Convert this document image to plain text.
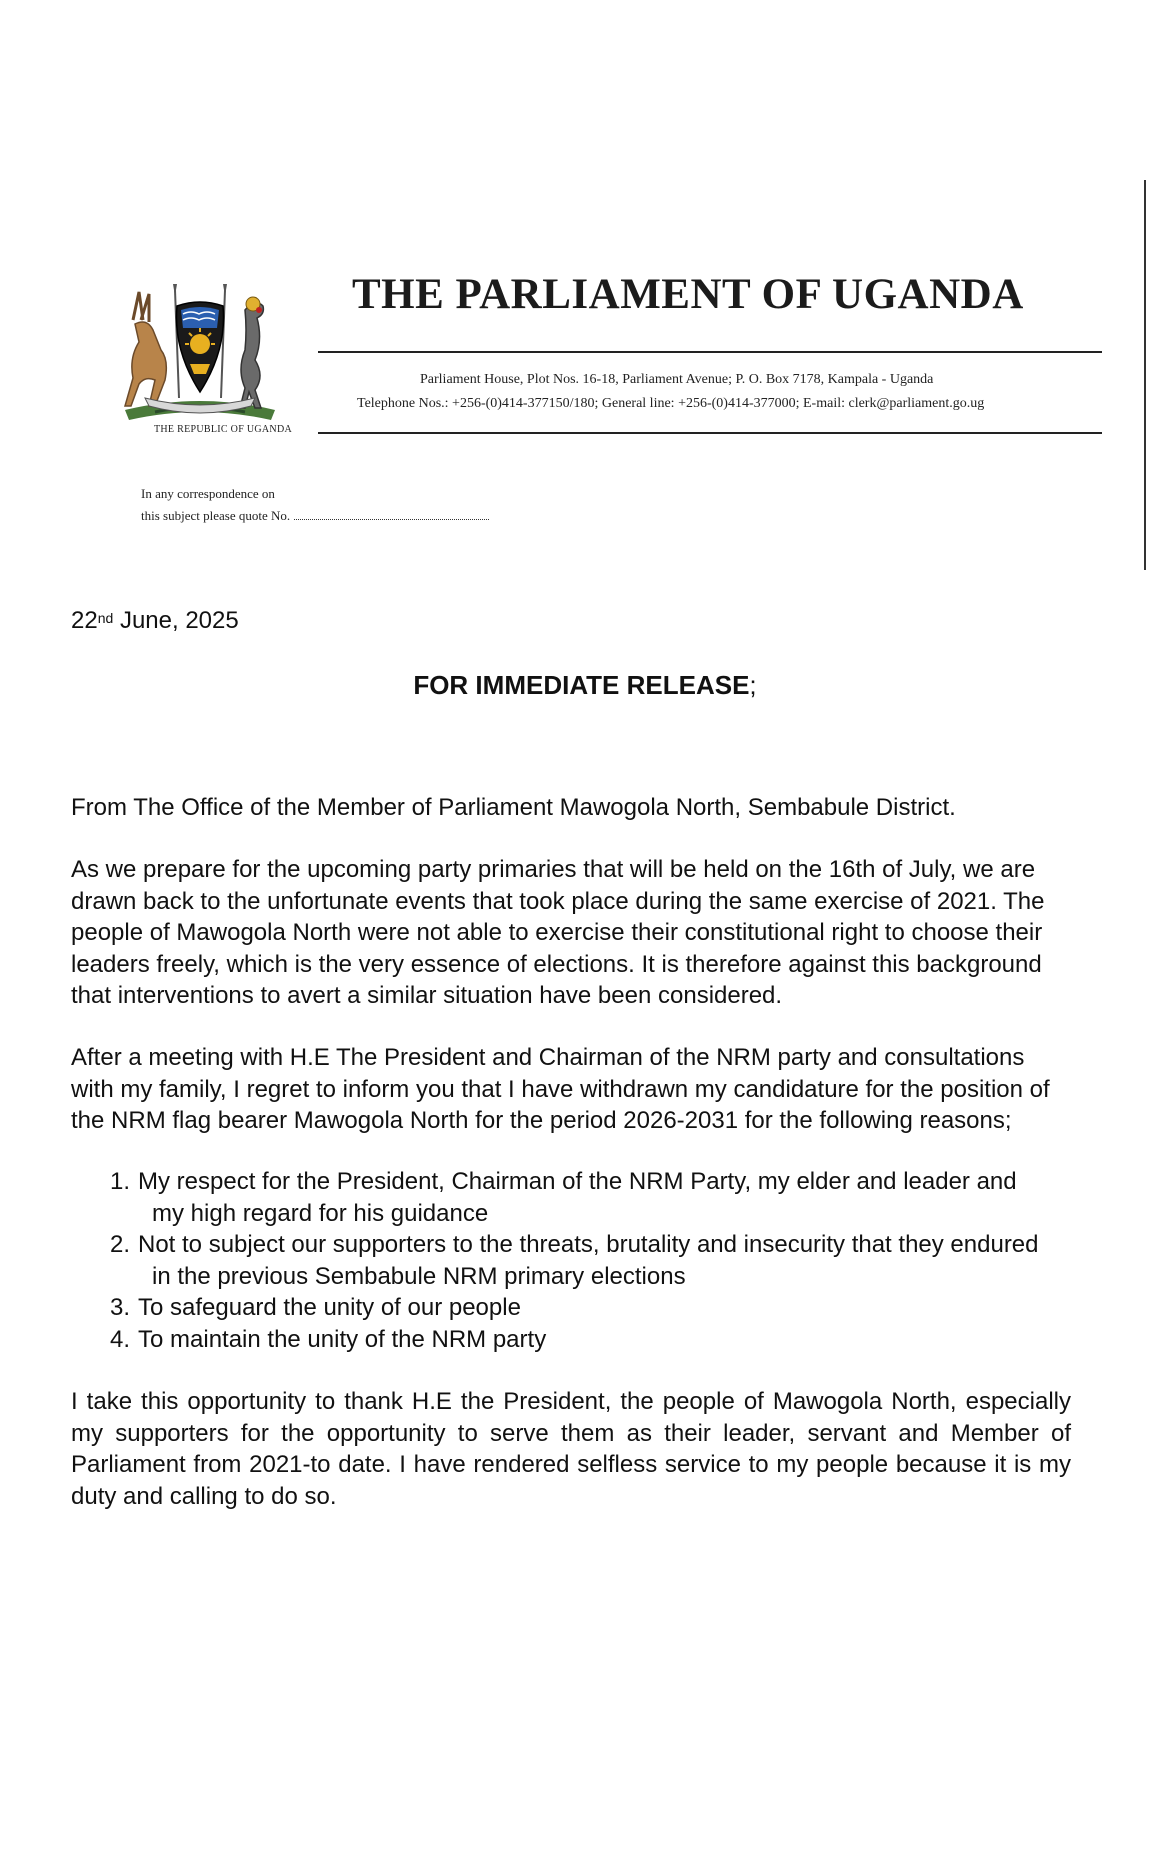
THE REPUBLIC OF UGANDA
THE PARLIAMENT OF UGANDA
Parliament House, Plot Nos. 16-18, Parliament Avenue; P. O. Box 7178, Kampala - Uganda
Telephone Nos.: +256-(0)414-377150/180; General line: +256-(0)414-377000; E-mail: clerk@parliament.go.ug
In any correspondence on
this subject please quote No.
22nd June, 2025
FOR IMMEDIATE RELEASE;
From The Office of the Member of Parliament Mawogola North, Sembabule District.
As we prepare for the upcoming party primaries that will be held on the 16th of July, we are drawn back to the unfortunate events that took place during the same exercise of 2021. The people of Mawogola North were not able to exercise their constitutional right to choose their leaders freely, which is the very essence of elections. It is therefore against this background that interventions to avert a similar situation have been considered.
After a meeting with H.E The President and Chairman of the NRM party and consultations with my family, I regret to inform you that I have withdrawn my candidature for the position of the NRM flag bearer Mawogola North for the period 2026-2031 for the following reasons;
1. My respect for the President, Chairman of the NRM Party, my elder and leader and
my high regard for his guidance
2. Not to subject our supporters to the threats, brutality and insecurity that they endured
in the previous Sembabule NRM primary elections
3. To safeguard the unity of our people
4. To maintain the unity of the NRM party
I take this opportunity to thank H.E the President, the people of Mawogola North, especially my supporters for the opportunity to serve them as their leader, servant and Member of Parliament from 2021-to date. I have rendered selfless service to my people because it is my duty and calling to do so.
